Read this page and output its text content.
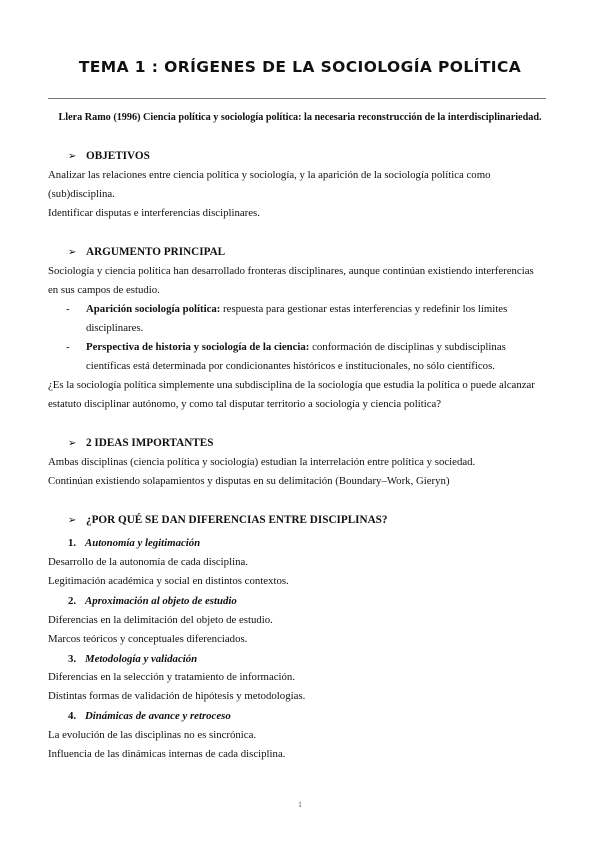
TEMA 1 : ORÍGENES DE LA SOCIOLOGÍA POLÍTICA
Llera Ramo (1996) Ciencia política y sociología política: la necesaria reconstrucción de la interdisciplinariedad.
➢ OBJETIVOS
Analizar las relaciones entre ciencia política y sociología, y la aparición de la sociología política como
(sub)disciplina.
Identificar disputas e interferencias disciplinares.
➢ ARGUMENTO PRINCIPAL
Sociología y ciencia política han desarrollado fronteras disciplinares, aunque continúan existiendo interferencias
en sus campos de estudio.
- Aparición sociología política: respuesta para gestionar estas interferencias y redefinir los límites
disciplinares.
- Perspectiva de historia y sociología de la ciencia: conformación de disciplinas y subdisciplinas
científicas está determinada por condicionantes históricos e institucionales, no sólo científicos.
¿Es la sociología política simplemente una subdisciplina de la sociología que estudia la política o puede alcanzar
estatuto disciplinar autónomo, y como tal disputar territorio a sociología y ciencia política?
➢ 2 IDEAS IMPORTANTES
Ambas disciplinas (ciencia política y sociología) estudian la interrelación entre política y sociedad.
Continúan existiendo solapamientos y disputas en su delimitación (Boundary–Work, Gieryn)
➢ ¿POR QUÉ SE DAN DIFERENCIAS ENTRE DISCIPLINAS?
1. Autonomía y legitimación
Desarrollo de la autonomía de cada disciplina.
Legitimación académica y social en distintos contextos.
2. Aproximación al objeto de estudio
Diferencias en la delimitación del objeto de estudio.
Marcos teóricos y conceptuales diferenciados.
3. Metodología y validación
Diferencias en la selección y tratamiento de información.
Distintas formas de validación de hipótesis y metodologías.
4. Dinámicas de avance y retroceso
La evolución de las disciplinas no es sincrónica.
Influencia de las dinámicas internas de cada disciplina.
1
